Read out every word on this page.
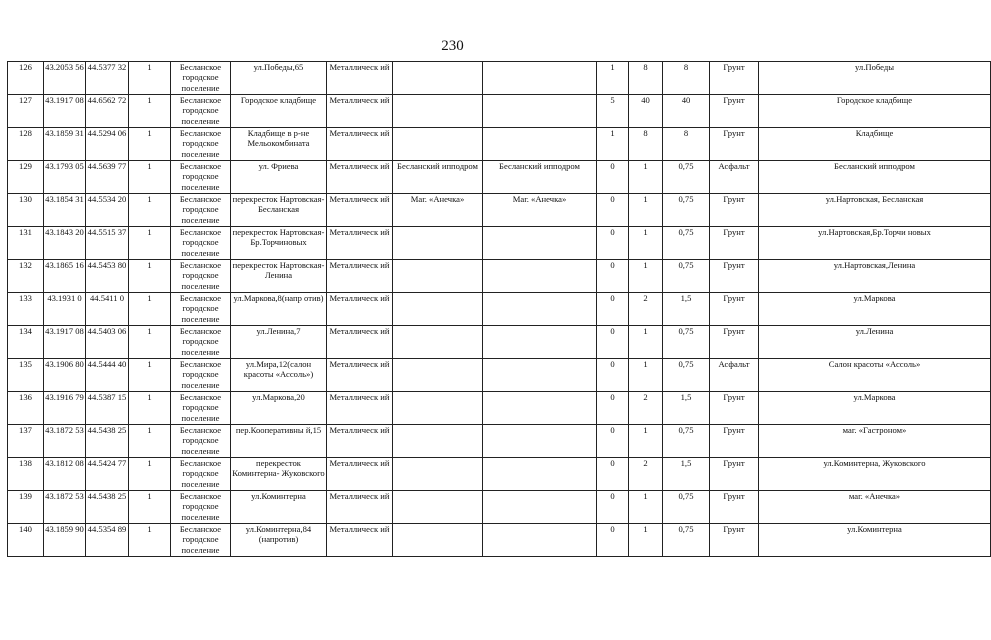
230
126	43.2053 56	44.5377 32	1	Бесланское городское поселение	ул.Победы,65	Металлическ ий			1	8	8	Грунт	ул.Победы
127	43.1917 08	44.6562 72	1	Бесланское городское поселение	Городское кладбище	Металлическ ий			5	40	40	Грунт	Городское кладбище
128	43.1859 31	44.5294 06	1	Бесланское городское поселение	Кладбище в р-не Мельокомбината	Металлическ ий			1	8	8	Грунт	Кладбище
129	43.1793 05	44.5639 77	1	Бесланское городское поселение	ул. Фриева	Металлическ ий	Бесланский ипподром	Бесланский ипподром	0	1	0,75	Асфальт	Бесланский ипподром
130	43.1854 31	44.5534 20	1	Бесланское городское поселение	перекресток Нартовская- Бесланская	Металлическ ий	Маг. «Анечка»	Маг. «Анечка»	0	1	0,75	Грунт	ул.Нартовская, Бесланская
131	43.1843 20	44.5515 37	1	Бесланское городское поселение	перекресток Нартовская- Бр.Торчиновых	Металлическ ий			0	1	0,75	Грунт	ул.Нартовская,Бр.Торчи новых
132	43.1865 16	44.5453 80	1	Бесланское городское поселение	перекресток Нартовская- Ленина	Металлическ ий			0	1	0,75	Грунт	ул.Нартовская,Ленина
133	43.1931 0	44.5411 0	1	Бесланское городское поселение	ул.Маркова,8(напр отив)	Металлическ ий			0	2	1,5	Грунт	ул.Маркова
134	43.1917 08	44.5403 06	1	Бесланское городское поселение	ул.Ленина,7	Металлическ ий			0	1	0,75	Грунт	ул.Ленина
135	43.1906 80	44.5444 40	1	Бесланское городское поселение	ул.Мира,12(салон красоты «Ассоль»)	Металлическ ий			0	1	0,75	Асфальт	Салон красоты «Ассоль»
136	43.1916 79	44.5387 15	1	Бесланское городское поселение	ул.Маркова,20	Металлическ ий			0	2	1,5	Грунт	ул.Маркова
137	43.1872 53	44.5438 25	1	Бесланское городское поселение	пер.Кооперативны й,15	Металлическ ий			0	1	0,75	Грунт	маг. «Гастроном»
138	43.1812 08	44.5424 77	1	Бесланское городское поселение	перекресток Коминтерна- Жуковского	Металлическ ий			0	2	1,5	Грунт	ул.Коминтерна, Жуковского
139	43.1872 53	44.5438 25	1	Бесланское городское поселение	ул.Коминтерна	Металлическ ий			0	1	0,75	Грунт	маг. «Анечка»
140	43.1859 90	44.5354 89	1	Бесланское городское поселение	ул.Коминтерна,84 (напротив)	Металлическ ий			0	1	0,75	Грунт	ул.Коминтерна
